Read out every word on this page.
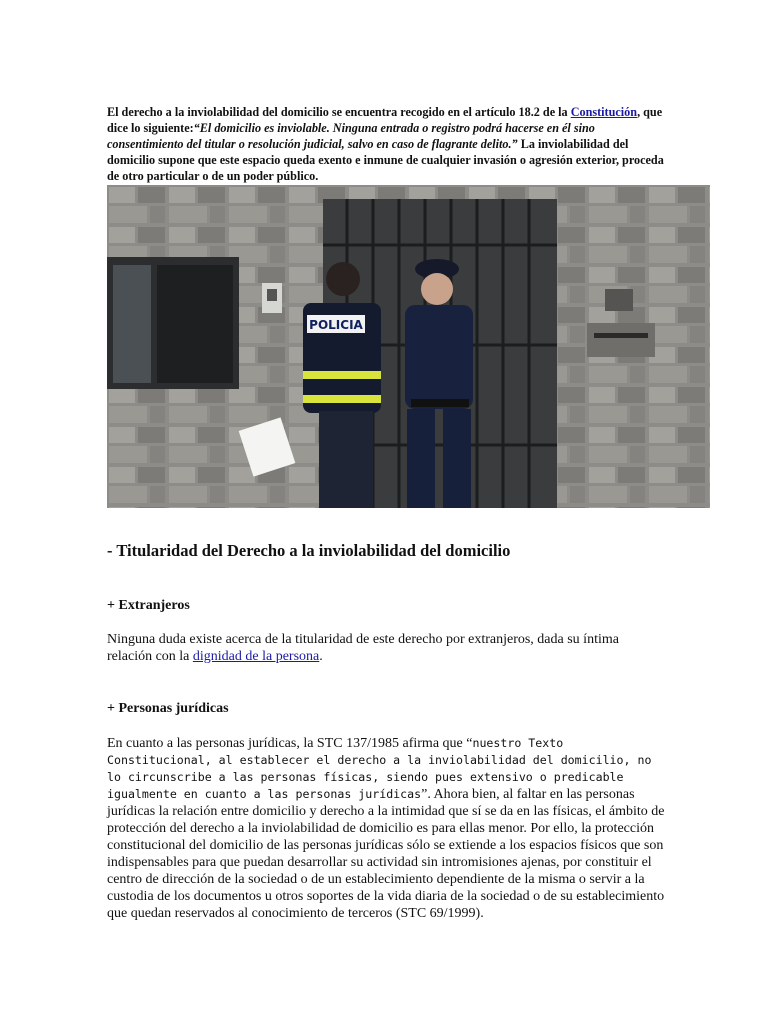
El derecho a la inviolabilidad del domicilio se encuentra recogido en el artículo 18.2 de la Constitución, que dice lo siguiente:“El domicilio es inviolable. Ninguna entrada o registro podrá hacerse en él sino consentimiento del titular o resolución judicial, salvo en caso de flagrante delito.” La inviolabilidad del domicilio supone que este espacio queda exento e inmune de cualquier invasión o agresión exterior, proceda de otro particular o de un poder público.

POLICIA
- Titularidad del Derecho a la inviolabilidad del domicilio
+ Extranjeros

Ninguna duda existe acerca de la titularidad de este derecho por extranjeros, dada su íntima relación con la dignidad de la persona.

+ Personas jurídicas

En cuanto a las personas jurídicas, la STC 137/1985 afirma que “nuestro Texto Constitucional, al establecer el derecho a la inviolabilidad del domicilio, no lo circunscribe a las personas físicas, siendo pues extensivo o predicable igualmente en cuanto a las personas jurídicas”. Ahora bien, al faltar en las personas jurídicas la relación entre domicilio y derecho a la intimidad que sí se da en las físicas, el ámbito de protección del derecho a la inviolabilidad de domicilio es para ellas menor. Por ello, la protección constitucional del domicilio de las personas jurídicas sólo se extiende a los espacios físicos que son indispensables para que puedan desarrollar su actividad sin intromisiones ajenas, por constituir el centro de dirección de la sociedad o de un establecimiento dependiente de la misma o servir a la custodia de los documentos u otros soportes de la vida diaria de la sociedad o de su establecimiento que quedan reservados al conocimiento de terceros (STC 69/1999).
